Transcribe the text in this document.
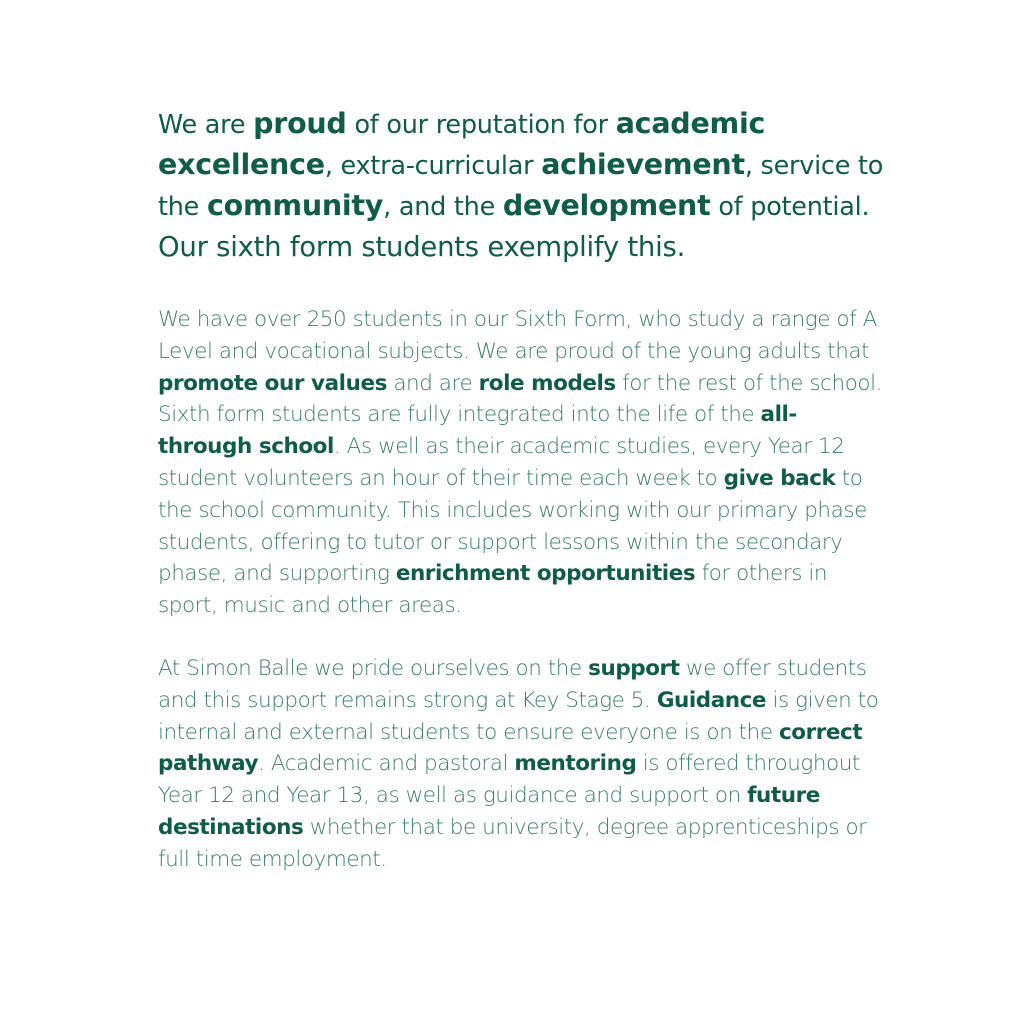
We are proud of our reputation for academic excellence, extra-curricular achievement, service to the community, and the development of potential.
Our sixth form students exemplify this.

We have over 250 students in our Sixth Form, who study a range of A Level and vocational subjects. We are proud of the young adults that promote our values and are role models for the rest of the school. Sixth form students are fully integrated into the life of the all-through school. As well as their academic studies, every Year 12 student volunteers an hour of their time each week to give back to the school community. This includes working with our primary phase students, offering to tutor or support lessons within the secondary phase, and supporting enrichment opportunities for others in sport, music and other areas.

At Simon Balle we pride ourselves on the support we offer students and this support remains strong at Key Stage 5. Guidance is given to internal and external students to ensure everyone is on the correct pathway. Academic and pastoral mentoring is offered throughout Year 12 and Year 13, as well as guidance and support on future destinations whether that be university, degree apprenticeships or full time employment.
